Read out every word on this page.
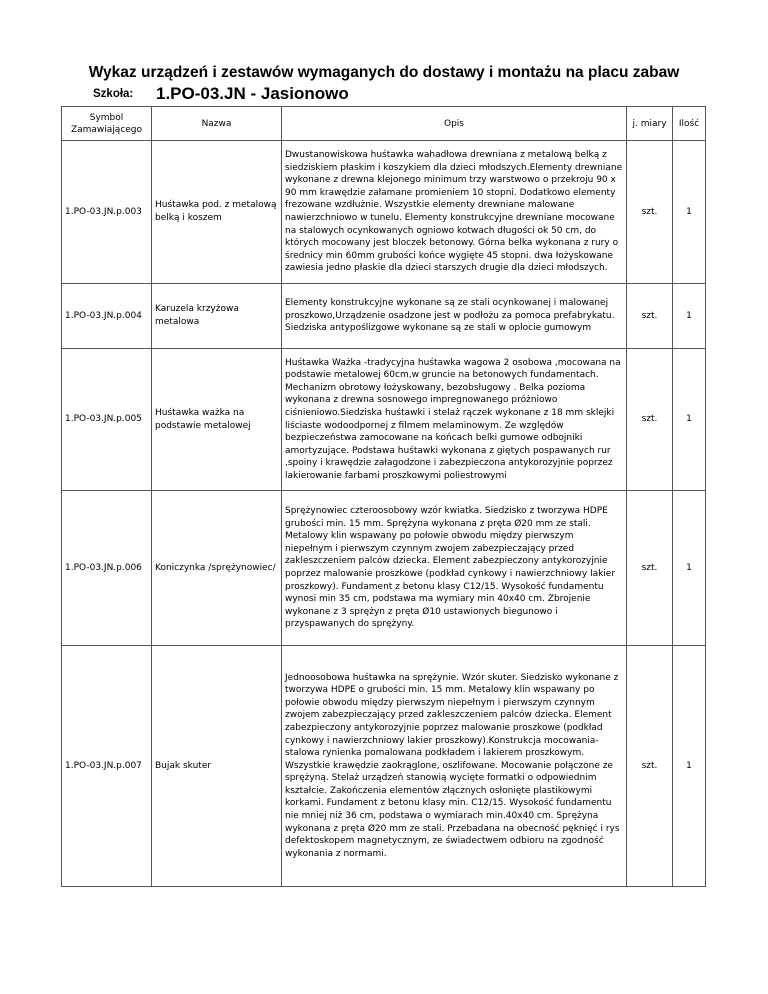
Wykaz urządzeń i zestawów wymaganych do dostawy i montażu na placu zabaw
Szkoła: 1.PO-03.JN - Jasionowo
Symbol Zamawiającego	Nazwa	Opis	j. miary	Ilość
1.PO-03.JN.p.003	Huśtawka pod. z metalową belką i koszem	Dwustanowiskowa huśtawka wahadłowa drewniana z metalową belką z siedziskiem płaskim i koszykiem dla dzieci młodszych.Elementy drewniane wykonane z drewna klejonego minimum trzy warstwowo o przekroju 90 x 90 mm krawędzie załamane promieniem 10 stopni. Dodatkowo elementy frezowane wzdłużnie. Wszystkie elementy drewniane malowane nawierzchniowo w tunelu. Elementy konstrukcyjne drewniane mocowane na stalowych ocynkowanych ogniowo kotwach długości ok 50 cm, do których mocowany jest bloczek betonowy. Górna belka wykonana z rury o średnicy min 60mm grubości końce wygięte 45 stopni. dwa łożyskowane zawiesia jedno płaskie dla dzieci starszych drugie dla dzieci młodszych.	szt.	1
1.PO-03.JN.p.004	Karuzela krzyżowa metalowa	Elementy konstrukcyjne wykonane są ze stali ocynkowanej i malowanej proszkowo,Urządzenie osadzone jest w podłożu za pomoca prefabrykatu. Siedziska antypoślizgowe wykonane są ze stali w oplocie gumowym	szt.	1
1.PO-03.JN.p.005	Huśtawka ważka na podstawie metalowej	Huśtawka Ważka -tradycyjna huśtawka wagowa 2 osobowa ,mocowana na podstawie metalowej 60cm,w gruncie na betonowych fundamentach. Mechanizm obrotowy łożyskowany, bezobsługowy . Belka pozioma wykonana z drewna sosnowego impregnowanego próżniowo ciśnieniowo.Siedziska huśtawki i stelaż rączek wykonane z 18 mm sklejki liściaste wodoodpornej z filmem melaminowym. Ze względów bezpieczeństwa zamocowane na końcach belki gumowe odbojniki amortyzujące. Podstawa huśtawki wykonana z giętych pospawanych rur ,spoiny i krawędzie załagodzone i zabezpieczona antykorozyjnie poprzez lakierowanie farbami proszkowymi poliestrowymi	szt.	1
1.PO-03.JN.p.006	Koniczynka /sprężynowiec/	Sprężynowiec czteroosobowy wzór kwiatka. Siedzisko z tworzywa HDPE grubości min. 15 mm. Sprężyna wykonana z pręta Ø20 mm ze stali. Metalowy klin wspawany po połowie obwodu między pierwszym niepełnym i pierwszym czynnym zwojem zabezpieczający przed zakleszczeniem palców dziecka. Element zabezpieczony antykorozyjnie poprzez malowanie proszkowe (podkład cynkowy i nawierzchniowy lakier proszkowy). Fundament z betonu klasy C12/15. Wysokość fundamentu wynosi min 35 cm, podstawa ma wymiary min 40x40 cm. Zbrojenie wykonane z 3 sprężyn z pręta Ø10 ustawionych biegunowo i przyspawanych do sprężyny.	szt.	1
1.PO-03.JN.p.007	Bujak skuter	Jednoosobowa huśtawka na sprężynie. Wzór skuter. Siedzisko wykonane z tworzywa HDPE o grubości min. 15 mm. Metalowy klin wspawany po połowie obwodu między pierwszym niepełnym i pierwszym czynnym zwojem zabezpieczający przed zakleszczeniem palców dziecka. Element zabezpieczony antykorozyjnie poprzez malowanie proszkowe (podkład cynkowy i nawierzchniowy lakier proszkowy).Konstrukcja mocowania- stalowa rynienka pomalowana podkładem i lakierem proszkowym. Wszystkie krawędzie zaokrąglone, oszlifowane. Mocowanie połączone ze sprężyną. Stelaż urządzeń stanowią wycięte formatki o odpowiednim kształcie. Zakończenia elementów złącznych osłonięte plastikowymi korkami. Fundament z betonu klasy min. C12/15. Wysokość fundamentu nie mniej niż 36 cm, podstawa o wymiarach min.40x40 cm. Sprężyna wykonana z pręta Ø20 mm ze stali. Przebadana na obecność pęknięć i rys defektoskopem magnetycznym, ze świadectwem odbioru na zgodność wykonania z normami.	szt.	1
